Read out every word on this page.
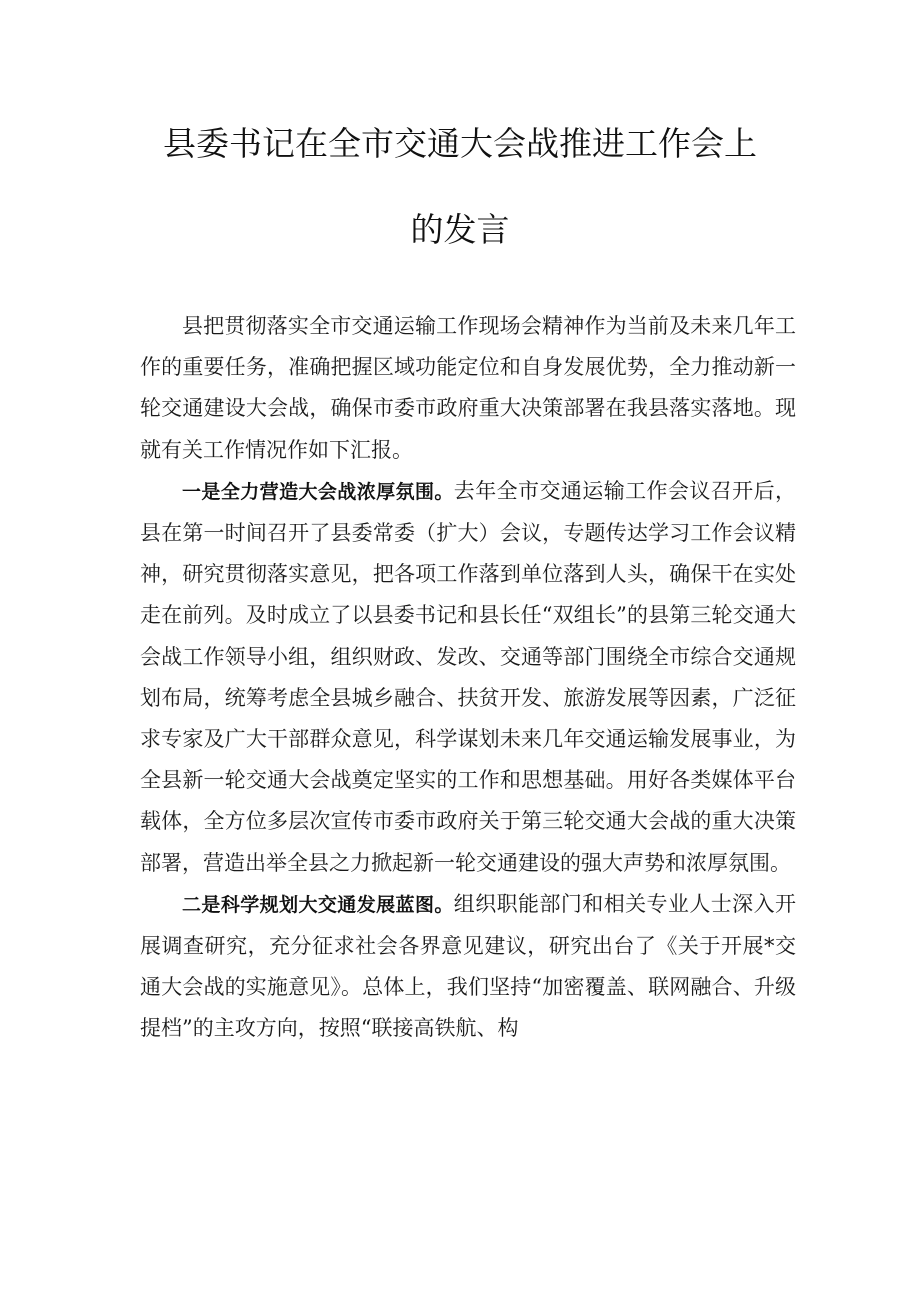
县委书记在全市交通大会战推进工作会上
的发言

县把贯彻落实全市交通运输工作现场会精神作为当前及未来几年工作的重要任务，准确把握区域功能定位和自身发展优势，全力推动新一轮交通建设大会战，确保市委市政府重大决策部署在我县落实落地。现就有关工作情况作如下汇报。

一是全力营造大会战浓厚氛围。去年全市交通运输工作会议召开后，县在第一时间召开了县委常委（扩大）会议，专题传达学习工作会议精神，研究贯彻落实意见，把各项工作落到单位落到人头，确保干在实处走在前列。及时成立了以县委书记和县长任“双组长”的县第三轮交通大会战工作领导小组，组织财政、发改、交通等部门围绕全市综合交通规划布局，统筹考虑全县城乡融合、扶贫开发、旅游发展等因素，广泛征求专家及广大干部群众意见，科学谋划未来几年交通运输发展事业，为全县新一轮交通大会战奠定坚实的工作和思想基础。用好各类媒体平台载体，全方位多层次宣传市委市政府关于第三轮交通大会战的重大决策部署，营造出举全县之力掀起新一轮交通建设的强大声势和浓厚氛围。

二是科学规划大交通发展蓝图。组织职能部门和相关专业人士深入开展调查研究，充分征求社会各界意见建议，研究出台了《关于开展*交通大会战的实施意见》。总体上，我们坚持“加密覆盖、联网融合、升级提档”的主攻方向，按照“联接高铁航、构
